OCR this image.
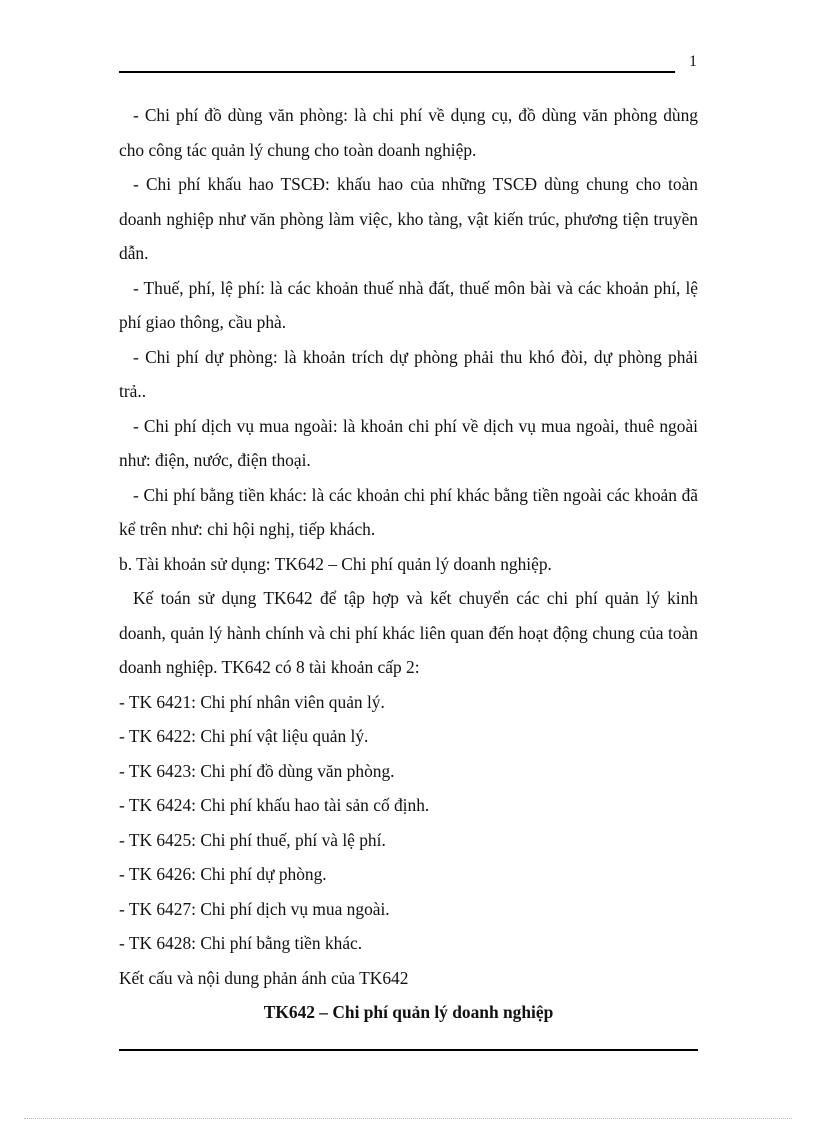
1

- Chi phí đồ dùng văn phòng: là chi phí về dụng cụ, đồ dùng văn phòng dùng cho công tác quản lý chung cho toàn doanh nghiệp.

- Chi phí khấu hao TSCĐ: khấu hao của những TSCĐ dùng chung cho toàn doanh nghiệp như văn phòng làm việc, kho tàng, vật kiến trúc, phương tiện truyền dẫn.

- Thuế, phí, lệ phí: là các khoản thuế nhà đất, thuế môn bài và các khoản phí, lệ phí giao thông, cầu phà.

- Chi phí dự phòng: là khoản trích dự phòng phải thu khó đòi, dự phòng phải trả..

- Chi phí dịch vụ mua ngoài: là khoản chi phí về dịch vụ mua ngoài, thuê ngoài như: điện, nước, điện thoại.

- Chi phí bằng tiền khác: là các khoản chi phí khác bằng tiền ngoài các khoản đã kể trên như: chi hội nghị, tiếp khách.

b. Tài khoản sử dụng: TK642 – Chi phí quản lý doanh nghiệp.

Kế toán sử dụng TK642 để tập hợp và kết chuyển các chi phí quản lý kinh doanh, quản lý hành chính và chi phí khác liên quan đến hoạt động chung của toàn doanh nghiệp. TK642 có 8 tài khoản cấp 2:

- TK 6421: Chi phí nhân viên quản lý.
- TK 6422: Chi phí vật liệu quản lý.
- TK 6423: Chi phí đồ dùng văn phòng.
- TK 6424: Chi phí khấu hao tài sản cố định.
- TK 6425: Chi phí thuế, phí và lệ phí.
- TK 6426: Chi phí dự phòng.
- TK 6427: Chi phí dịch vụ mua ngoài.
- TK 6428: Chi phí bằng tiền khác.

Kết cấu và nội dung phản ánh của TK642

TK642 – Chi phí quản lý doanh nghiệp
